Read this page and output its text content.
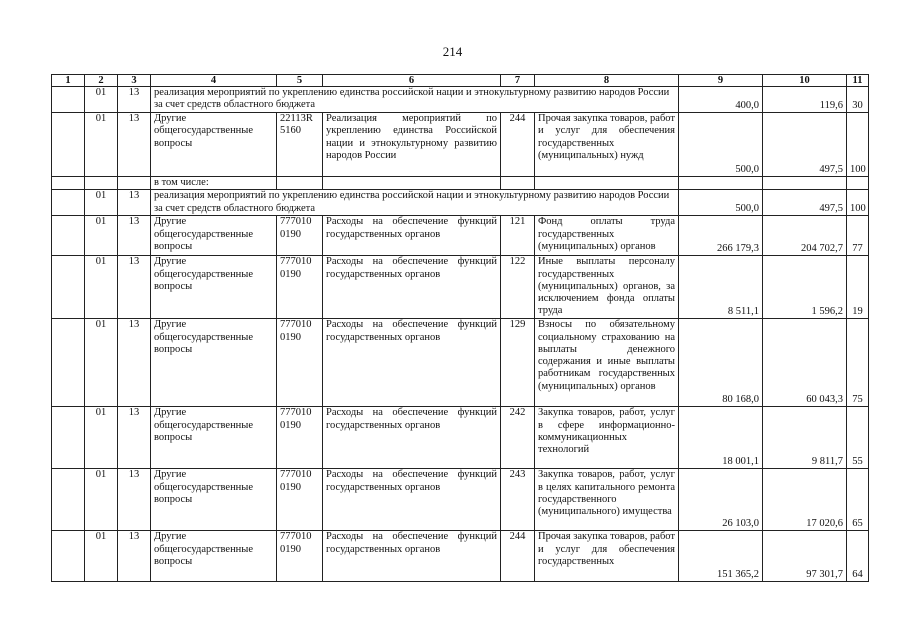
214
1	2	3	4	5	6	7	8	9	10	11
	01	13	реализация мероприятий по укреплению единства российской нации и этнокультурному развитию народов России за счет средств областного бюджета					400,0	119,6	30
	01	13	Другие общегосударственные вопросы	22113R 5160	Реализация мероприятий по укреплению единства Российской нации и этнокультурному развитию народов России	244	Прочая закупка товаров, работ и услуг для обеспечения государственных (муниципальных) нужд	500,0	497,5	100
			в том числе:							
	01	13	реализация мероприятий по укреплению единства российской нации и этнокультурному развитию народов России за счет средств областного бюджета					500,0	497,5	100
	01	13	Другие общегосударственные вопросы	777010 0190	Расходы на обеспечение функций государственных органов	121	Фонд оплаты труда государственных (муниципальных) органов	266 179,3	204 702,7	77
	01	13	Другие общегосударственные вопросы	777010 0190	Расходы на обеспечение функций государственных органов	122	Иные выплаты персоналу государственных (муниципальных) органов, за исключением фонда оплаты труда	8 511,1	1 596,2	19
	01	13	Другие общегосударственные вопросы	777010 0190	Расходы на обеспечение функций государственных органов	129	Взносы по обязательному социальному страхованию на выплаты денежного содержания и иные выплаты работникам государственных (муниципальных) органов	80 168,0	60 043,3	75
	01	13	Другие общегосударственные вопросы	777010 0190	Расходы на обеспечение функций государственных органов	242	Закупка товаров, работ, услуг в сфере информационно-коммуникационных технологий	18 001,1	9 811,7	55
	01	13	Другие общегосударственные вопросы	777010 0190	Расходы на обеспечение функций государственных органов	243	Закупка товаров, работ, услуг в целях капитального ремонта государственного (муниципального) имущества	26 103,0	17 020,6	65
	01	13	Другие общегосударственные вопросы	777010 0190	Расходы на обеспечение функций государственных органов	244	Прочая закупка товаров, работ и услуг для обеспечения государственных	151 365,2	97 301,7	64
